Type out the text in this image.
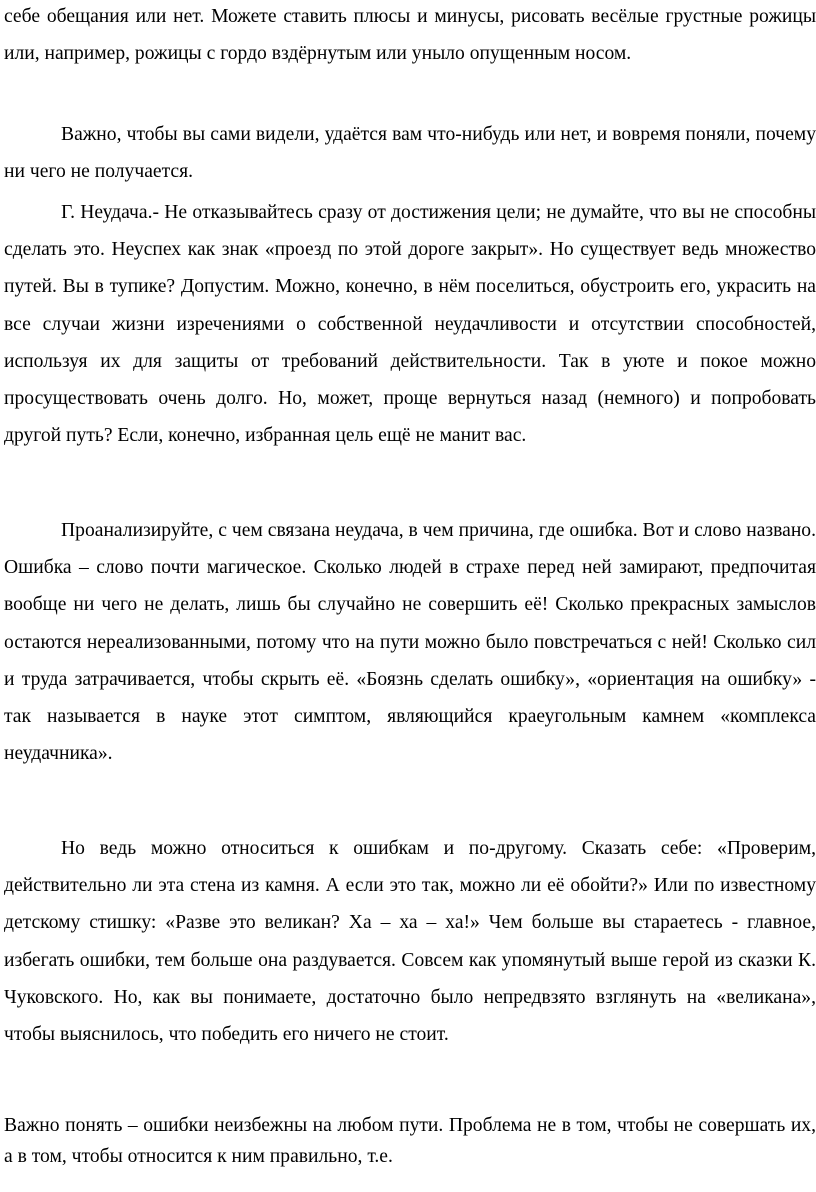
себе обещания или нет. Можете ставить плюсы и минусы, рисовать весёлые грустные рожицы или, например, рожицы с гордо вздёрнутым или уныло опущенным носом.

Важно, чтобы вы сами видели, удаётся вам что-нибудь или нет, и вовремя поняли, почему ни чего не получается.

Г. Неудача.- Не отказывайтесь сразу от достижения цели; не думайте, что вы не способны сделать это. Неуспех как знак «проезд по этой дороге закрыт». Но существует ведь множество путей. Вы в тупике? Допустим. Можно, конечно, в нём поселиться, обустроить его, украсить на все случаи жизни изречениями о собственной неудачливости и отсутствии способностей, используя их для защиты от требований действительности. Так в уюте и покое можно просуществовать очень долго. Но, может, проще вернуться назад (немного) и попробовать другой путь? Если, конечно, избранная цель ещё не манит вас.

Проанализируйте, с чем связана неудача, в чем причина, где ошибка. Вот и слово названо. Ошибка – слово почти магическое. Сколько людей в страхе перед ней замирают, предпочитая вообще ни чего не делать, лишь бы случайно не совершить её! Сколько прекрасных замыслов остаются нереализованными, потому что на пути можно было повстречаться с ней! Сколько сил и труда затрачивается, чтобы скрыть её. «Боязнь сделать ошибку», «ориентация на ошибку» - так называется в науке этот симптом, являющийся краеугольным камнем «комплекса неудачника».

Но ведь можно относиться к ошибкам и по-другому. Сказать себе: «Проверим, действительно ли эта стена из камня. А если это так, можно ли её обойти?» Или по известному детскому стишку: «Разве это великан? Ха – ха – ха!» Чем больше вы стараетесь - главное, избегать ошибки, тем больше она раздувается. Совсем как упомянутый выше герой из сказки К. Чуковского. Но, как вы понимаете, достаточно было непредвзято взглянуть на «великана», чтобы выяснилось, что победить его ничего не стоит.

Важно понять – ошибки неизбежны на любом пути. Проблема не в том, чтобы не совершать их, а в том, чтобы относится к ним правильно, т.е.
